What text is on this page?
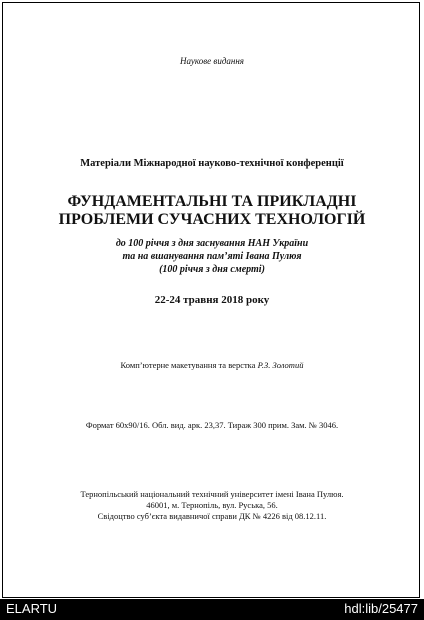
Наукове видання
Матеріали Міжнародної науково-технічної конференції
ФУНДАМЕНТАЛЬНІ ТА ПРИКЛАДНІ
ПРОБЛЕМИ СУЧАСНИХ ТЕХНОЛОГІЙ
до 100 річчя з дня заснування НАН України
та на вшанування пам’яті Івана Пулюя
(100 річчя з дня смерті)
22-24 травня 2018 року
Комп’ютерне макетування та верстка Р.З. Золотий
Формат 60х90/16. Обл. вид. арк. 23,37. Тираж 300 прим. Зам. № 3046.
Тернопільський національний технічний університет імені Івана Пулюя.
46001, м. Тернопіль, вул. Руська, 56.
Свідоцтво суб’єкта видавничої справи ДК № 4226 від 08.12.11.
ELARTU	hdl:lib/25477
